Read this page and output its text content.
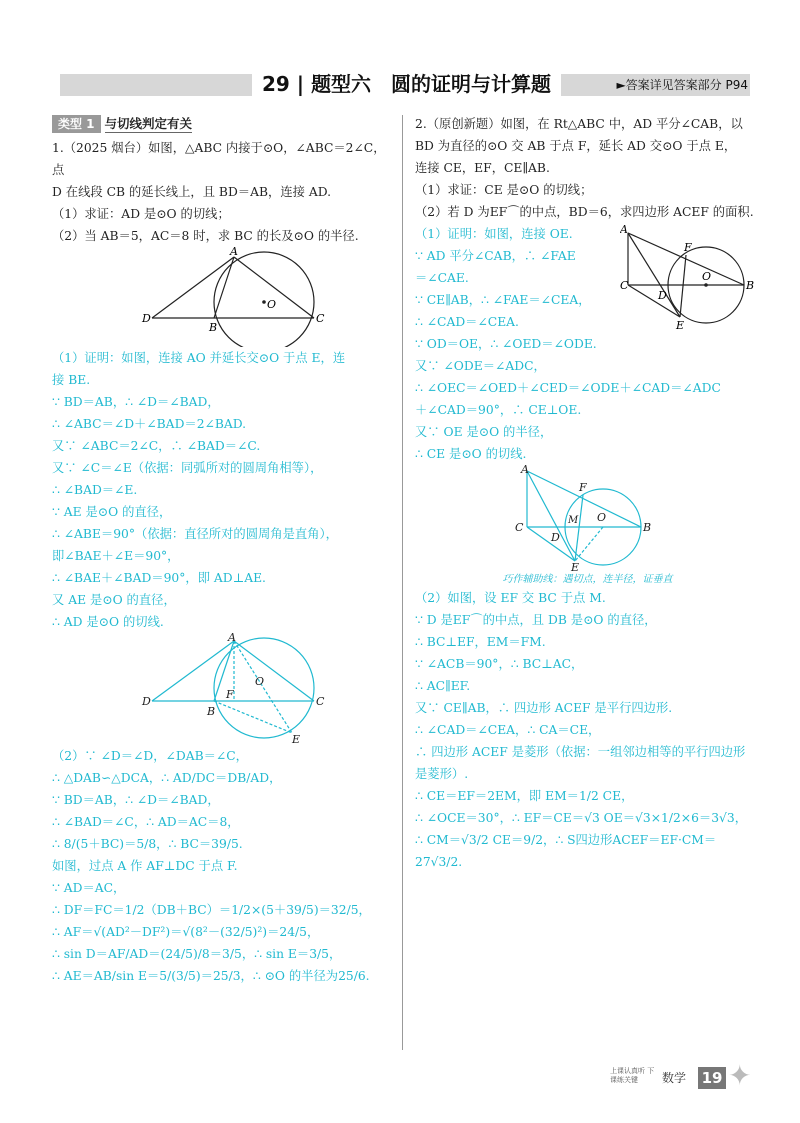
29 | 题型六　圆的证明与计算题	►答案详见答案部分 P94
类型 1 与切线判定有关

1.（2025 烟台）如图，△ABC 内接于⊙O，∠ABC＝2∠C，点

D 在线段 CB 的延长线上，且 BD＝AB，连接 AD.

（1）求证：AD 是⊙O 的切线；

（2）当 AB＝5，AC＝8 时，求 BC 的长及⊙O 的半径.

A
O
D
B
C

（1）证明：如图，连接 AO 并延长交⊙O 于点 E，连

接 BE.

∵ BD＝AB，∴ ∠D＝∠BAD，

∴ ∠ABC＝∠D＋∠BAD＝2∠BAD.

又∵ ∠ABC＝2∠C，∴ ∠BAD＝∠C.

又∵ ∠C＝∠E（依据：同弧所对的圆周角相等），

∴ ∠BAD＝∠E.

∵ AE 是⊙O 的直径，

∴ ∠ABE＝90°（依据：直径所对的圆周角是直角），

即∠BAE＋∠E＝90°，

∴ ∠BAE＋∠BAD＝90°，即 AD⊥AE.

又 AE 是⊙O 的直径，

∴ AD 是⊙O 的切线.

A
O
D
B
F
C
E

（2）∵ ∠D＝∠D，∠DAB＝∠C，

∴ △DAB∽△DCA，∴ AD/DC＝DB/AD，

∵ BD＝AB，∴ ∠D＝∠BAD，

∴ ∠BAD＝∠C，∴ AD＝AC＝8，

∴ 8/(5＋BC)＝5/8，∴ BC＝39/5.

如图，过点 A 作 AF⊥DC 于点 F.

∵ AD＝AC，

∴ DF＝FC＝1/2（DB＋BC）＝1/2×(5＋39/5)＝32/5，

∴ AF＝√(AD²－DF²)＝√(8²－(32/5)²)＝24/5，

∴ sin D＝AF/AD＝(24/5)/8＝3/5，∴ sin E＝3/5，

∴ AE＝AB/sin E＝5/(3/5)＝25/3，∴ ⊙O 的半径为25/6.

2.（原创新题）如图，在 Rt△ABC 中，AD 平分∠CAB，以

BD 为直径的⊙O 交 AB 于点 F，延长 AD 交⊙O 于点 E，

连接 CE，EF，CE∥AB.

（1）求证：CE 是⊙O 的切线；

（2）若 D 为EF⌒的中点，BD＝6，求四边形 ACEF 的面积.

A
F
O
B
C
D
E

（1）证明：如图，连接 OE.

∵ AD 平分∠CAB，∴ ∠FAE

＝∠CAE.

∵ CE∥AB，∴ ∠FAE＝∠CEA，

∴ ∠CAD＝∠CEA.

∵ OD＝OE，∴ ∠OED＝∠ODE.

又∵ ∠ODE＝∠ADC，

∴ ∠OEC＝∠OED＋∠CED＝∠ODE＋∠CAD＝∠ADC

＋∠CAD＝90°，∴ CE⊥OE.

又∵ OE 是⊙O 的半径，

∴ CE 是⊙O 的切线.

A
F
M O
B
C
D
E
巧作辅助线：遇切点，连半径，证垂直

（2）如图，设 EF 交 BC 于点 M.

∵ D 是EF⌒的中点，且 DB 是⊙O 的直径，

∴ BC⊥EF，EM＝FM.

∵ ∠ACB＝90°，∴ BC⊥AC，

∴ AC∥EF.

又∵ CE∥AB，∴ 四边形 ACEF 是平行四边形.

∴ ∠CAD＝∠CEA，∴ CA＝CE，

∴ 四边形 ACEF 是菱形（依据：一组邻边相等的平行四边形

是菱形）.

∴ CE＝EF＝2EM，即 EM＝1/2 CE，

∴ ∠OCE＝30°，∴ EF＝CE＝√3 OE＝√3×1/2×6＝3√3，

∴ CM＝√3/2 CE＝9/2，∴ S四边形ACEF＝EF·CM＝27√3/2.

上课认真听 下课练关键	数学 19 ✦
